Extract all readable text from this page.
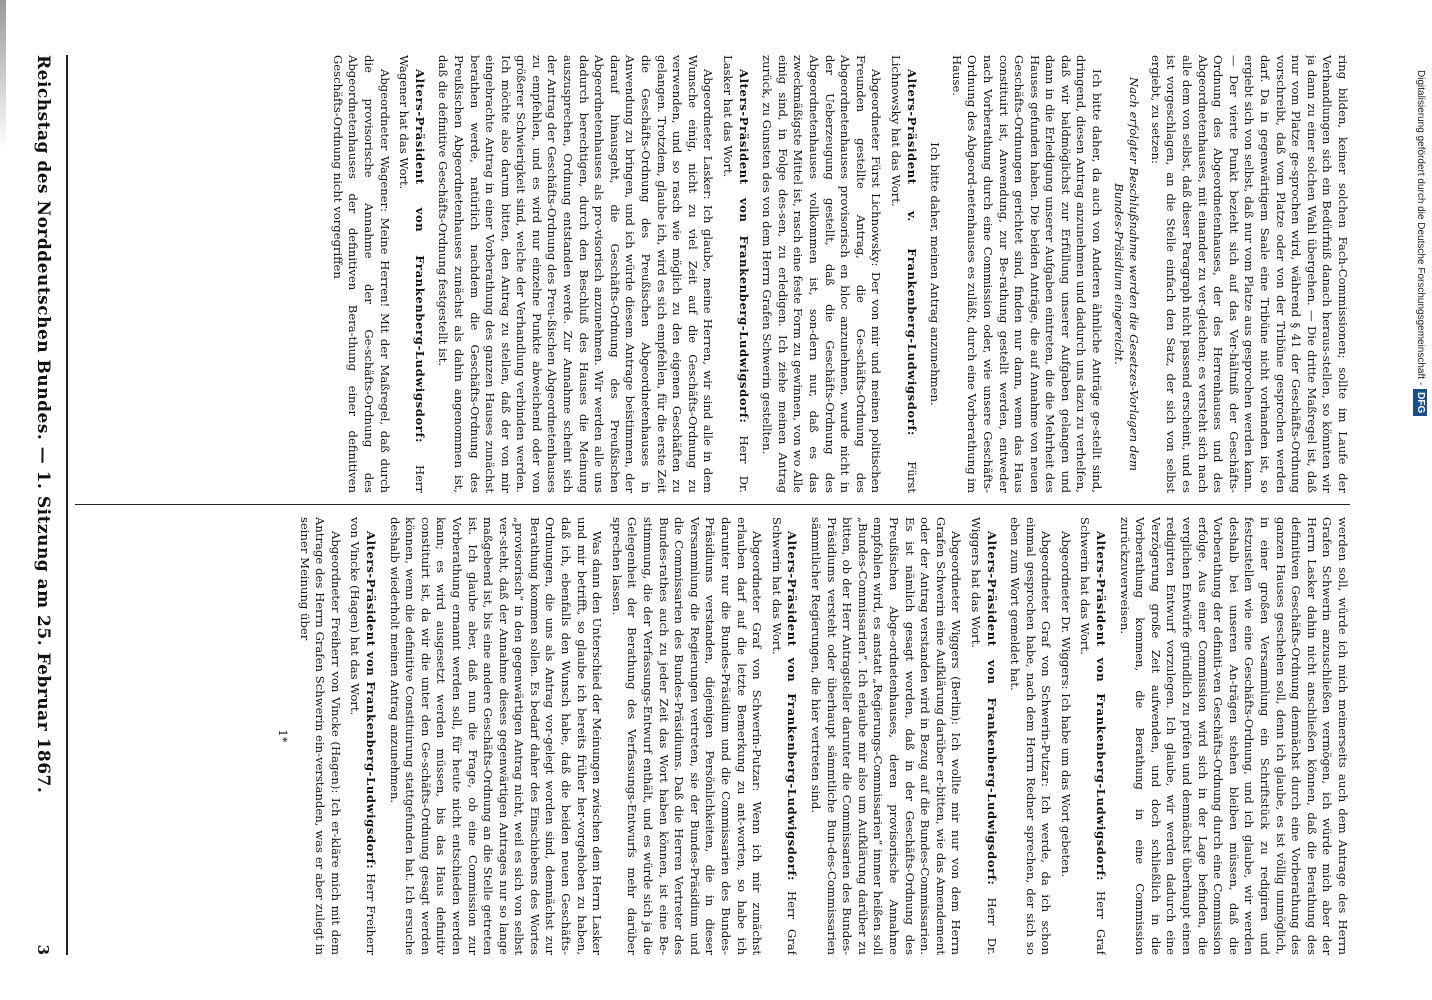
Reichstag des Norddeutschen Bundes. — 1. Sitzung am 25. Februar 1867.
3

ring bilden, keiner solchen Fach-Commissionen; sollte im Laufe der Verhandlungen sich ein Bedürfniß danach heraus-stellen, so könnten wir ja dann zu einer solchen Wahl übergehen. — Die dritte Maßregel ist, daß nur vom Platze ge-sprochen wird, während § 41 der Geschäfts-Ordnung vorschreibt, daß vom Platze oder von der Tribüne gesprochen werden darf. Da in gegenwärtigem Saale eine Tribüne nicht vorhanden ist, so ergiebt sich von selbst, daß nur vom Platze aus gesprochen werden kann. — Der vierte Punkt bezieht sich auf das Ver-hältniß der Geschäfts-Ordnung des Abgeordnetenhauses, der des Herrenhauses und des Abgeordnetenhauses, mit einander zu ver-gleichen; es versteht sich nach alle dem von selbst, daß dieser Paragraph nicht passend erscheint, und es ist vorgeschlagen, an die Stelle einfach den Satz, der sich von selbst ergiebt, zu setzen:

Nach erfolgter Beschlußnahme werden die Gesetzes-Vorlagen dem Bundes-Präsidium eingereicht.

Ich bitte daher, da auch von Anderen ähnliche Anträge ge-stellt sind, dringend, diesen Antrag anzunehmen und dadurch uns dazu zu verhelfen, daß wir baldmöglichst zur Erfüllung unserer Aufgaben gelangen und dann in die Erledigung unserer Aufgaben eintreten, die die Mehrheit des Hauses gefunden haben. Die beiden Anträge, die auf Annahme von neuen Geschäfts-Ordnungen gerichtet sind, finden nur dann, wenn das Haus constituirt ist, Anwendung, zur Be-rathung gestellt werden, entweder nach Vorberathung durch eine Commission oder, wie unsere Geschäfts-Ordnung des Abgeord-netenhauses es zuläßt, durch eine Vorberathung im Hause.

Ich bitte daher, meinen Antrag anzunehmen.

Alters-Präsident v. Frankenberg-Ludwigsdorf: Fürst Lichnowsky hat das Wort.

Abgeordneter Fürst Lichnowsky: Der von mir und meinen politischen Freunden gestellte Antrag, die Ge-schäfts-Ordnung des Abgeordnetenhauses provisorisch en bloc anzunehmen, wurde nicht in der Ueberzeugung gestellt, daß die Geschäfts-Ordnung des Abgeordnetenhauses vollkommen ist, son-dern nur, daß es das zweckmäßigste Mittel ist, rasch eine feste Form zu gewinnen, von wo Alle einig sind, in Folge des-sen, zu erledigen. Ich ziehe meinen Antrag zurück, zu Gunsten des von dem Herrn Grafen Schwerin gestellten.

Alters-Präsident von Frankenberg-Ludwigsdorf: Herr Dr. Lasker hat das Wort.

Abgeordneter Lasker: Ich glaube, meine Herren, wir sind alle in dem Wunsche einig, nicht zu viel Zeit auf die Geschäfts-Ordnung zu verwenden, und so rasch wie möglich zu den eigenen Geschäften zu gelangen. Trotzdem, glaube ich, wird es sich empfehlen, für die erste Zeit die Geschäfts-Ordnung des Preußischen Abgeordnetenhauses in Anwendung zu bringen, und ich würde diesem Antrage beistimmen, der darauf hinausgeht, die Geschäfts-Ordnung des Preußischen Abgeordnetenhauses als pro-visorisch anzunehmen. Wir werden alle uns dadurch berechtigen, durch den Beschluß des Hauses die Meinung auszusprechen, Ordnung entstanden werde. Zur Annahme scheint sich der Antrag der Geschäfts-Ordnung des Preu-ßischen Abgeordnetenhauses zu empfehlen, und es wird nur einzelne Punkte abweichend oder von größerer Schwierigkeit sind, welche der Verhandlung verbinden werden. Ich möchte also darum bitten, den Antrag zu stellen, daß der von mir eingebrachte Antrag in einer Vorberathung des ganzen Hauses zunächst berathen werde, natürlich nachdem die Geschäfts-Ordnung des Preußischen Abgeordnetenhauses zunächst als dahin angenommen ist, daß die definitive Geschäfts-Ordnung festgestellt ist.

Alters-Präsident von Frankenberg-Ludwigsdorf: Herr Wagener hat das Wort.

Abgeordneter Wagener: Meine Herren! Mit der Maßregel, daß durch die provisorische Annahme der Ge-schäfts-Ordnung des Abgeordnetenhauses der definitiven Bera-thung einer definitiven Geschäfts-Ordnung nicht vorgegriffen

werden soll, würde ich mich meinerseits auch dem Antrage des Herrn Grafen Schwerin anzuschließen vermögen, ich würde mich aber der Herrn Lasker dahin nicht anschließen können, daß die Berathung des definitiven Geschäfts-Ordnung demnächst durch eine Vorberathung des ganzen Hauses geschehen soll, denn ich glaube, es ist völlig unmöglich, in einer großen Versammlung ein Schriftstück zu redigiren und festzustellen wie eine Geschäfts-Ordnung, und ich glaube, wir werden deshalb bei unseren An-trägen stehen bleiben müssen, daß die Vorberathung der definiti-ven Geschäfts-Ordnung durch eine Commission erfolge. Aus einer Commission wird sich in der Lage befinden, die verglichen Entwürfe gründlich zu prüfen und demnächst überhaupt einen redigirten Entwurf vorzulegen. Ich glaube, wir werden dadurch eine Verzögerung große Zeit aufwenden, und doch schließlich in die Vorberathung kommen, die Berathung in eine Commission zurückzuverweisen.

Alters-Präsident von Frankenberg-Ludwigsdorf: Herr Graf Schwerin hat das Wort.

Abgeordneter Dr. Wiggers: Ich habe um das Wort gebeten.

Abgeordneter Graf von Schwerin-Putzar: Ich werde, da ich schon einmal gesprochen habe, nach dem Herrn Redner sprechen, der sich so eben zum Wort gemeldet hat.

Alters-Präsident von Frankenberg-Ludwigsdorf: Herr Dr. Wiggers hat das Wort.

Abgeordneter Wiggers (Berlin): Ich wollte mir nur von dem Herrn Grafen Schwerin eine Aufklärung darüber er-bitten, wie das Amendement oder der Antrag verstanden wird in Bezug auf die Bundes-Commissarien. Es ist nämlich gesagt worden, daß in der Geschäfts-Ordnung des Preußischen Abge-ordnetenhauses, deren provisorische Annahme empfohlen wird, es anstatt „Regierungs-Commissarien“ immer heißen soll „Bundes-Commissarien“. Ich erlaube mir also um Aufklärung darüber zu bitten, ob der Herr Antragsteller darunter die Commissarien des Bundes-Präsidiums versteht oder überhaupt sämmtliche Bun-des-Commissarien sämmtlicher Regierungen, die hier vertreten sind.

Alters-Präsident von Frankenberg-Ludwigsdorf: Herr Graf Schwerin hat das Wort.

Abgeordneter Graf von Schwerin-Putzar: Wenn ich mir zunächst erlauben darf auf die letzte Bemerkung zu ant-worten, so habe ich darunter nur die Bundes-Präsidium und die Commissarien des Bundes-Präsidiums verstanden, diejenigen Persönlichkeiten, die in dieser Versammlung die Regierungen vertreten, sie der Bundes-Präsidium und die Commissarien des Bundes-Präsidiums. Daß die Herren Vertreter des Bundes-rathes auch zu jeder Zeit das Wort haben können, ist eine Be-stimmung, die der Verfassungs-Entwurf enthält, und es würde sich ja die Gelegenheit der Berathung des Verfassungs-Entwurfs mehr darüber sprechen lassen.

Was dann den Unterschied der Meinungen zwischen dem Herrn Lasker und mir betrifft, so glaube ich bereits früher her-vorgehoben zu haben, daß ich, ebenfalls den Wunsch habe, daß die beiden neuen Geschäfts-Ordnungen, die uns als Antrag vor-gelegt worden sind, demnächst zur Berathung kommen sollen. Es bedarf daher des Einschiebens des Wortes „provisorisch“ in den gegenwärtigen Antrag nicht, weil es sich von selbst ver-steht, daß der Annahme dieses gegenwärtigen Antrages nur so lange maßgebend ist, bis eine andere Geschäfts-Ordnung an die Stelle getreten ist. Ich glaube aber, daß nun die Frage, ob eine Commission zur Vorberathung ernannt werden soll, für heute nicht entschieden werden kann; es wird ausgesetzt werden müssen, bis das Haus definitiv constituirt ist, da wir die unter den Ge-schäfts-Ordnung gesagt werden können, wenn die definitive Constituirung stattgefunden hat. Ich ersuche deshalb wiederholt meinen Antrag anzunehmen.

Alters-Präsident von Frankenberg-Ludwigsdorf: Herr Freiherr von Vincke (Hagen) hat das Wort.

Abgeordneter Freiherr von Vincke (Hagen): Ich er-kläre mich mit dem Antrage des Herrn Grafen Schwerin ein-verstanden, was er aber zulegt in seiner Meinung über

1*

Digitalisierung gefördert durch die Deutsche Forschungsgemeinschaft -DFG
